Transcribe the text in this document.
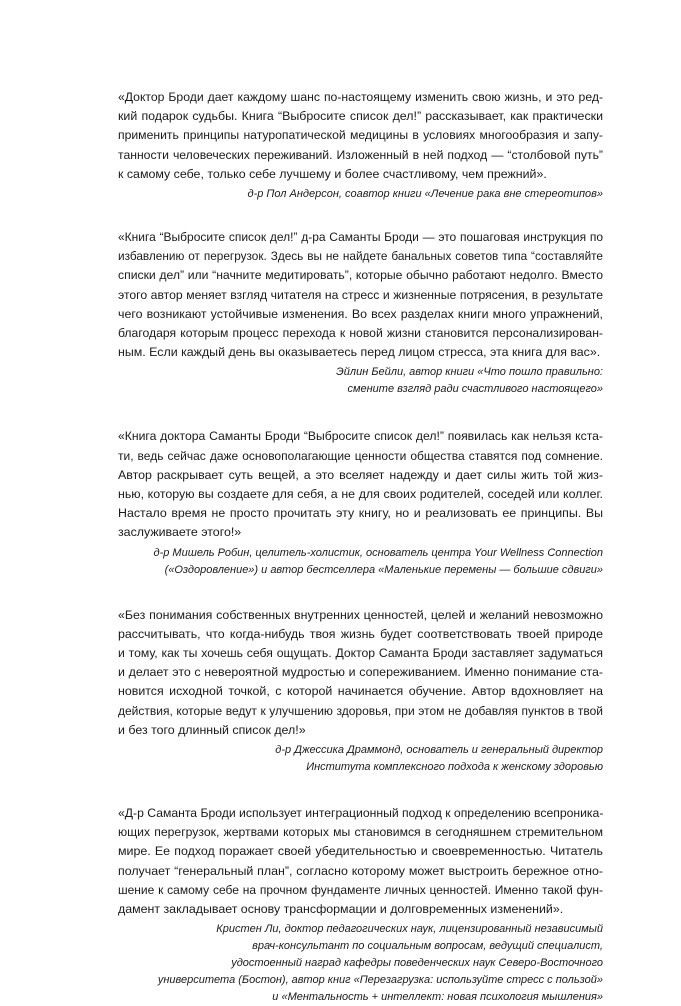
«Доктор Броди дает каждому шанс по-настоящему изменить свою жизнь, и это ред-
кий подарок судьбы. Книга “Выбросите список дел!” рассказывает, как практически
применить принципы натуропатической медицины в условиях многообразия и запу-
танности человеческих переживаний. Изложенный в ней подход — “столбовой путь”
к самому себе, только себе лучшему и более счастливому, чем прежний».

д-р Пол Андерсон, соавтор книги «Лечение рака вне стереотипов»

«Книга “Выбросите список дел!” д-ра Саманты Броди — это пошаговая инструкция по
избавлению от перегрузок. Здесь вы не найдете банальных советов типа “составляйте
списки дел” или “начните медитировать”, которые обычно работают недолго. Вместо
этого автор меняет взгляд читателя на стресс и жизненные потрясения, в результате
чего возникают устойчивые изменения. Во всех разделах книги много упражнений,
благодаря которым процесс перехода к новой жизни становится персонализирован-
ным. Если каждый день вы оказываетесь перед лицом стресса, эта книга для вас».

Эйлин Бейли, автор книги «Что пошло правильно:
смените взгляд ради счастливого настоящего»

«Книга доктора Саманты Броди “Выбросите список дел!” появилась как нельзя кста-
ти, ведь сейчас даже основополагающие ценности общества ставятся под сомнение.
Автор раскрывает суть вещей, а это вселяет надежду и дает силы жить той жиз-
нью, которую вы создаете для себя, а не для своих родителей, соседей или коллег.
Настало время не просто прочитать эту книгу, но и реализовать ее принципы. Вы
заслуживаете этого!»

д-р Мишель Робин, целитель-холистик, основатель центра Your Wellness Connection
(«Оздоровление») и автор бестселлера «Маленькие перемены — большие сдвиги»

«Без понимания собственных внутренних ценностей, целей и желаний невозможно
рассчитывать, что когда-нибудь твоя жизнь будет соответствовать твоей природе
и тому, как ты хочешь себя ощущать. Доктор Саманта Броди заставляет задуматься
и делает это с невероятной мудростью и сопереживанием. Именно понимание ста-
новится исходной точкой, с которой начинается обучение. Автор вдохновляет на
действия, которые ведут к улучшению здоровья, при этом не добавляя пунктов в твой
и без того длинный список дел!»

д-р Джессика Драммонд, основатель и генеральный директор
Института комплексного подхода к женскому здоровью

«Д-р Саманта Броди использует интеграционный подход к определению всепроника-
ющих перегрузок, жертвами которых мы становимся в сегодняшнем стремительном
мире. Ее подход поражает своей убедительностью и своевременностью. Читатель
получает “генеральный план”, согласно которому может выстроить бережное отно-
шение к самому себе на прочном фундаменте личных ценностей. Именно такой фун-
дамент закладывает основу трансформации и долговременных изменений».

Кристен Ли, доктор педагогических наук, лицензированный независимый
врач-консультант по социальным вопросам, ведущий специалист,
удостоенный наград кафедры поведенческих наук Северо-Восточного
университета (Бостон), автор книг «Перезагрузка: используйте стресс с пользой»
и «Ментальность + интеллект: новая психология мышления»
